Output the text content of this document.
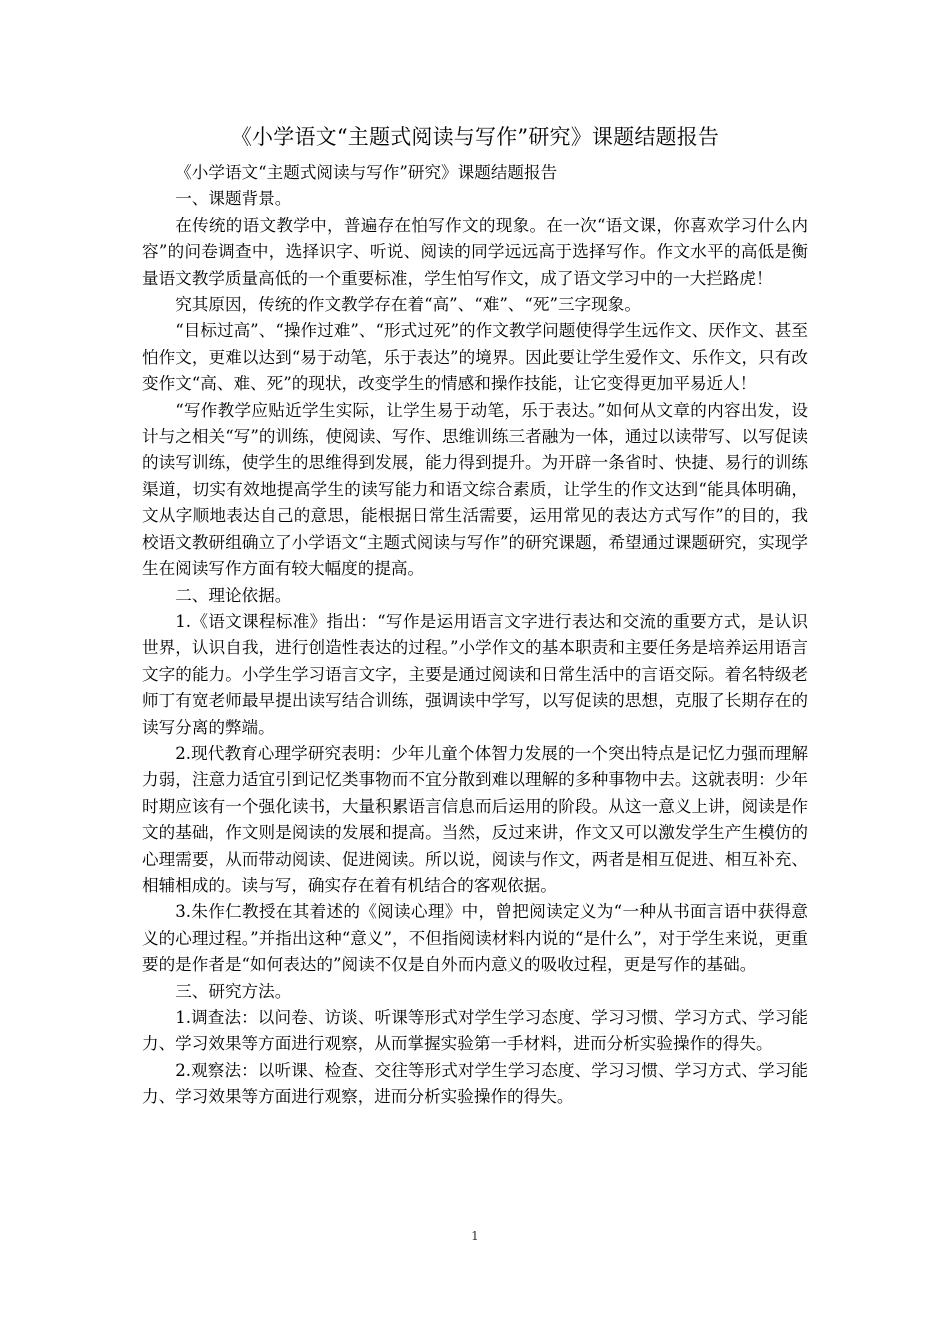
《小学语文“主题式阅读与写作”研究》课题结题报告

《小学语文“主题式阅读与写作”研究》课题结题报告

一、课题背景。

在传统的语文教学中，普遍存在怕写作文的现象。在一次“语文课，你喜欢学习什么内容”的问卷调查中，选择识字、听说、阅读的同学远远高于选择写作。作文水平的高低是衡量语文教学质量高低的一个重要标准，学生怕写作文，成了语文学习中的一大拦路虎！

究其原因，传统的作文教学存在着“高”、“难”、“死”三字现象。

“目标过高”、“操作过难”、“形式过死”的作文教学问题使得学生远作文、厌作文、甚至怕作文，更难以达到“易于动笔，乐于表达”的境界。因此要让学生爱作文、乐作文，只有改变作文“高、难、死”的现状，改变学生的情感和操作技能，让它变得更加平易近人！

“写作教学应贴近学生实际，让学生易于动笔，乐于表达。”如何从文章的内容出发，设计与之相关“写”的训练，使阅读、写作、思维训练三者融为一体，通过以读带写、以写促读的读写训练，使学生的思维得到发展，能力得到提升。为开辟一条省时、快捷、易行的训练渠道，切实有效地提高学生的读写能力和语文综合素质，让学生的作文达到“能具体明确，文从字顺地表达自己的意思，能根据日常生活需要，运用常见的表达方式写作”的目的，我校语文教研组确立了小学语文“主题式阅读与写作”的研究课题，希望通过课题研究，实现学生在阅读写作方面有较大幅度的提高。

二、理论依据。

1.《语文课程标准》指出：“写作是运用语言文字进行表达和交流的重要方式，是认识世界，认识自我，进行创造性表达的过程。”小学作文的基本职责和主要任务是培养运用语言文字的能力。小学生学习语言文字，主要是通过阅读和日常生活中的言语交际。着名特级老师丁有宽老师最早提出读写结合训练，强调读中学写，以写促读的思想，克服了长期存在的读写分离的弊端。

2.现代教育心理学研究表明：少年儿童个体智力发展的一个突出特点是记忆力强而理解力弱，注意力适宜引到记忆类事物而不宜分散到难以理解的多种事物中去。这就表明：少年时期应该有一个强化读书，大量积累语言信息而后运用的阶段。从这一意义上讲，阅读是作文的基础，作文则是阅读的发展和提高。当然，反过来讲，作文又可以激发学生产生模仿的心理需要，从而带动阅读、促进阅读。所以说，阅读与作文，两者是相互促进、相互补充、相辅相成的。读与写，确实存在着有机结合的客观依据。

3.朱作仁教授在其着述的《阅读心理》中，曾把阅读定义为“一种从书面言语中获得意义的心理过程。”并指出这种“意义”，不但指阅读材料内说的“是什么”，对于学生来说，更重要的是作者是“如何表达的”阅读不仅是自外而内意义的吸收过程，更是写作的基础。

三、研究方法。

1.调查法：以问卷、访谈、听课等形式对学生学习态度、学习习惯、学习方式、学习能力、学习效果等方面进行观察，从而掌握实验第一手材料，进而分析实验操作的得失。

2.观察法：以听课、检查、交往等形式对学生学习态度、学习习惯、学习方式、学习能力、学习效果等方面进行观察，进而分析实验操作的得失。

1
